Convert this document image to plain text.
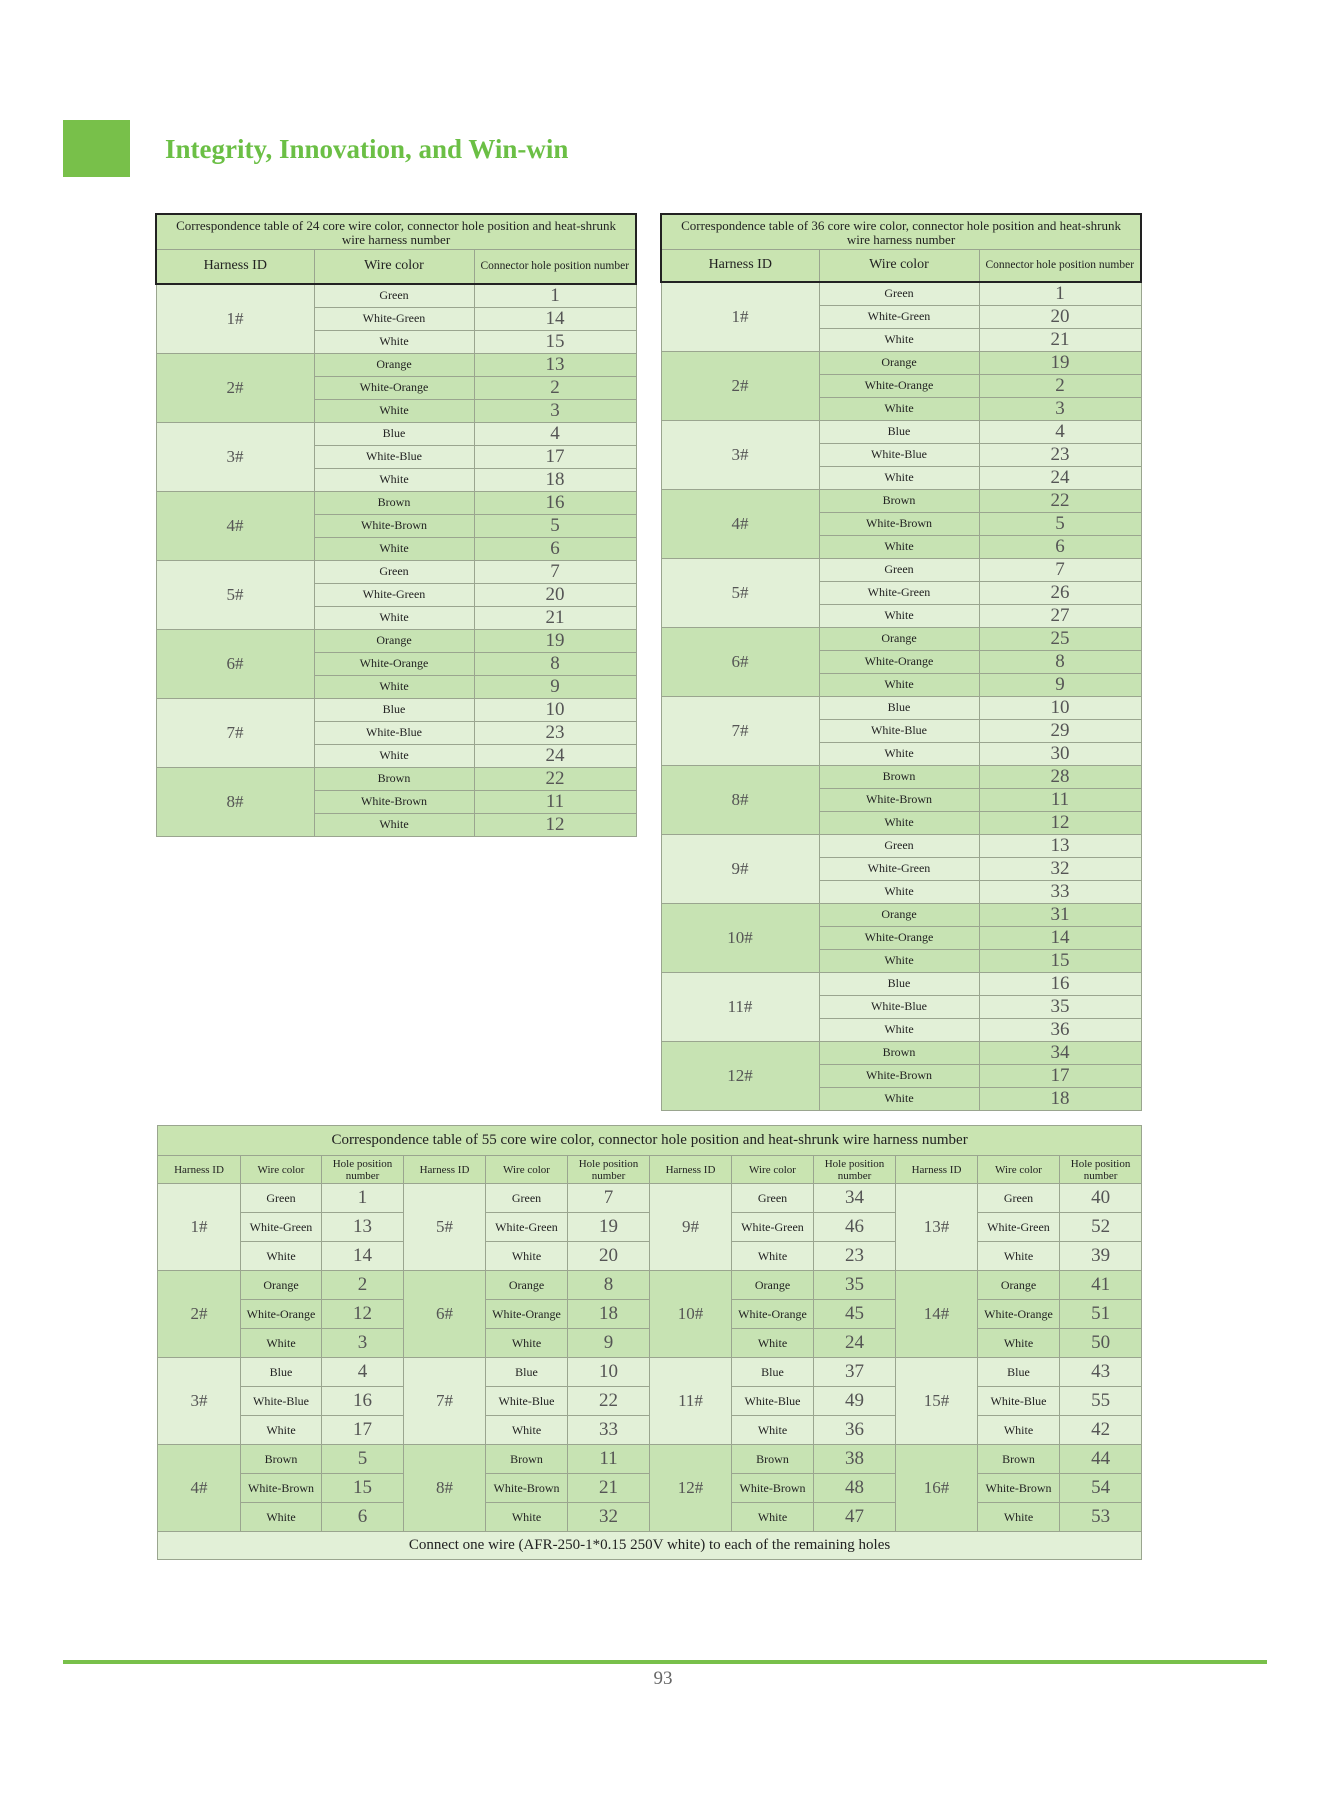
Integrity, Innovation, and Win-win
Correspondence table of 24 core wire color, connector hole position and heat-shrunk wire harness number		
Harness ID	Wire color	Connector hole position number
1#	Green	1
	White-Green	14
	White	15
2#	Orange	13
	White-Orange	2
	White	3
3#	Blue	4
	White-Blue	17
	White	18
4#	Brown	16
	White-Brown	5
	White	6
5#	Green	7
	White-Green	20
	White	21
6#	Orange	19
	White-Orange	8
	White	9
7#	Blue	10
	White-Blue	23
	White	24
8#	Brown	22
	White-Brown	11
	White	12
Correspondence table of 36 core wire color, connector hole position and heat-shrunk wire harness number		
Harness ID	Wire color	Connector hole position number
1#	Green	1
	White-Green	20
	White	21
2#	Orange	19
	White-Orange	2
	White	3
3#	Blue	4
	White-Blue	23
	White	24
4#	Brown	22
	White-Brown	5
	White	6
5#	Green	7
	White-Green	26
	White	27
6#	Orange	25
	White-Orange	8
	White	9
7#	Blue	10
	White-Blue	29
	White	30
8#	Brown	28
	White-Brown	11
	White	12
9#	Green	13
	White-Green	32
	White	33
10#	Orange	31
	White-Orange	14
	White	15
11#	Blue	16
	White-Blue	35
	White	36
12#	Brown	34
	White-Brown	17
	White	18
Correspondence table of 55 core wire color, connector hole position and heat-shrunk wire harness number											
Harness ID	Wire color	Hole position number	Harness ID	Wire color	Hole position number	Harness ID	Wire color	Hole position number	Harness ID	Wire color	Hole position number
1#	Green	1	5#	Green	7	9#	Green	34	13#	Green	40
	White-Green	13		White-Green	19		White-Green	46		White-Green	52
	White	14		White	20		White	23		White	39
2#	Orange	2	6#	Orange	8	10#	Orange	35	14#	Orange	41
	White-Orange	12		White-Orange	18		White-Orange	45		White-Orange	51
	White	3		White	9		White	24		White	50
3#	Blue	4	7#	Blue	10	11#	Blue	37	15#	Blue	43
	White-Blue	16		White-Blue	22		White-Blue	49		White-Blue	55
	White	17		White	33		White	36		White	42
4#	Brown	5	8#	Brown	11	12#	Brown	38	16#	Brown	44
	White-Brown	15		White-Brown	21		White-Brown	48		White-Brown	54
	White	6		White	32		White	47		White	53
Connect one wire (AFR-250-1*0.15 250V white) to each of the remaining holes											
93
